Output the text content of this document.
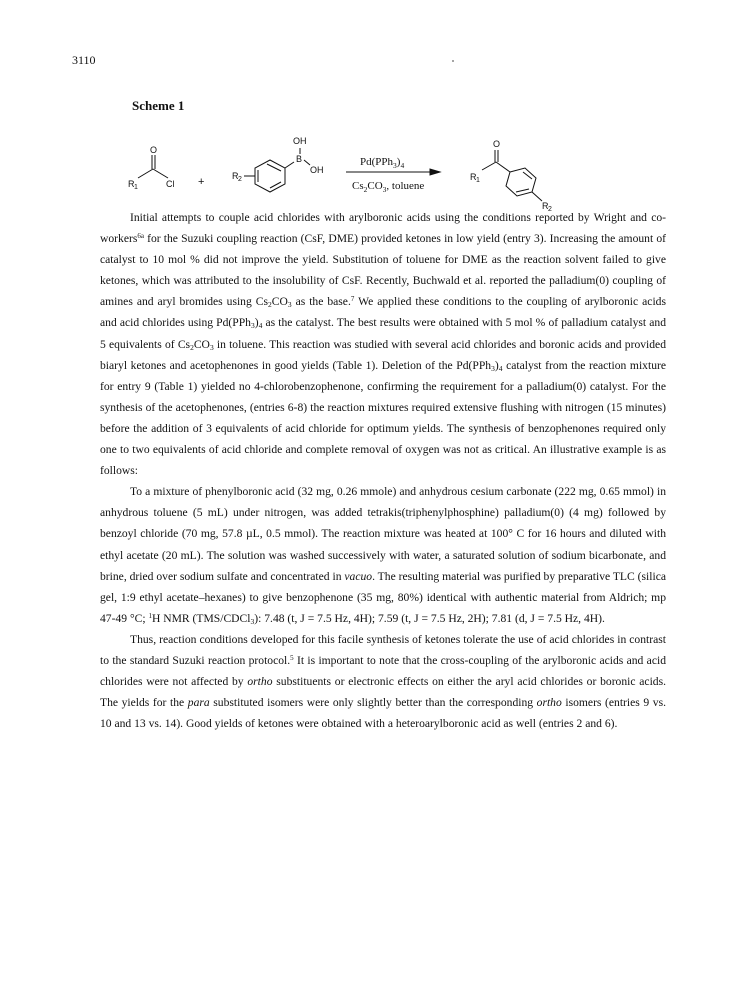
3110
Scheme 1
O
R 1	Cl +
OH
B
OH
R 2
$Pd(PPh_3)_4$
$Cs_2CO_3$, toluene
O
R 1
R 2

Initial attempts to couple acid chlorides with arylboronic acids using the conditions reported by Wright and co-workers$^{6a}$ for the Suzuki coupling reaction (CsF, DME) provided ketones in low yield (entry 3). Increasing the amount of catalyst to 10 mol % did not improve the yield. Substitution of toluene for DME as the reaction solvent failed to give ketones, which was attributed to the insolubility of CsF. Recently, Buchwald et al. reported the palladium(0) coupling of amines and aryl bromides using $Cs_2CO_3$ as the base.$^7$ We applied these conditions to the coupling of arylboronic acids and acid chlorides using $Pd(PPh_3)_4$ as the catalyst. The best results were obtained with 5 mol % of palladium catalyst and 5 equivalents of $Cs_2CO_3$ in toluene. This reaction was studied with several acid chlorides and boronic acids and provided biaryl ketones and acetophenones in good yields (Table 1). Deletion of the $Pd(PPh_3)_4$ catalyst from the reaction mixture for entry 9 (Table 1) yielded no 4-chlorobenzophenone, confirming the requirement for a palladium(0) catalyst. For the synthesis of the acetophenones, (entries 6-8) the reaction mixtures required extensive flushing with nitrogen (15 minutes) before the addition of 3 equivalents of acid chloride for optimum yields. The synthesis of benzophenones required only one to two equivalents of acid chloride and complete removal of oxygen was not as critical. An illustrative example is as follows:

To a mixture of phenylboronic acid (32 mg, 0.26 mmole) and anhydrous cesium carbonate (222 mg, 0.65 mmol) in anhydrous toluene (5 mL) under nitrogen, was added tetrakis(triphenylphosphine) palladium(0) (4 mg) followed by benzoyl chloride (70 mg, 57.8 µL, 0.5 mmol). The reaction mixture was heated at 100° C for 16 hours and diluted with ethyl acetate (20 mL). The solution was washed successively with water, a saturated solution of sodium bicarbonate, and brine, dried over sodium sulfate and concentrated in vacuo. The resulting material was purified by preparative TLC (silica gel, 1:9 ethyl acetate–hexanes) to give benzophenone (35 mg, 80%) identical with authentic material from Aldrich; mp 47-49 °C; $^1$H NMR (TMS/CDCl$_3$): 7.48 (t, J = 7.5 Hz, 4H); 7.59 (t, J = 7.5 Hz, 2H); 7.81 (d, J = 7.5 Hz, 4H).

Thus, reaction conditions developed for this facile synthesis of ketones tolerate the use of acid chlorides in contrast to the standard Suzuki reaction protocol.$^5$ It is important to note that the cross-coupling of the arylboronic acids and acid chlorides were not affected by ortho substituents or electronic effects on either the aryl acid chlorides or boronic acids. The yields for the para substituted isomers were only slightly better than the corresponding ortho isomers (entries 9 vs. 10 and 13 vs. 14). Good yields of ketones were obtained with a heteroarylboronic acid as well (entries 2 and 6).
